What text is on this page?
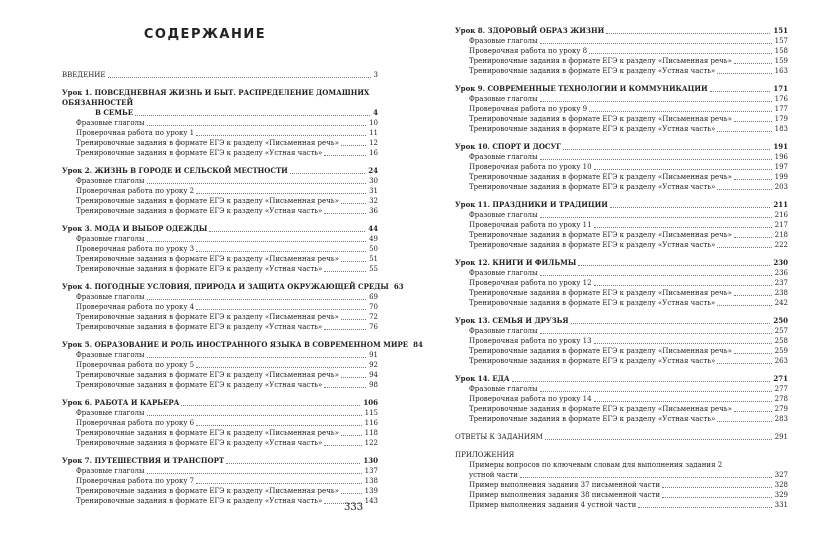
СОДЕРЖАНИЕ
ВВЕДЕНИЕ	3
Урок 1. ПОВСЕДНЕВНАЯ ЖИЗНЬ И БЫТ. РАСПРЕДЕЛЕНИЕ ДОМАШНИХ ОБЯЗАННОСТЕЙ
В СЕМЬЕ	4
Фразовые глаголы	10
Проверочная работа по уроку 1	11
Тренировочные задания в формате ЕГЭ к разделу «Письменная речь»	12
Тренировочные задания в формате ЕГЭ к разделу «Устная часть»	16
Урок 2. ЖИЗНЬ В ГОРОДЕ И СЕЛЬСКОЙ МЕСТНОСТИ	24
Фразовые глаголы	30
Проверочная работа по уроку 2	31
Тренировочные задания в формате ЕГЭ к разделу «Письменная речь»	32
Тренировочные задания в формате ЕГЭ к разделу «Устная часть»	36
Урок 3. МОДА И ВЫБОР ОДЕЖДЫ	44
Фразовые глаголы	49
Проверочная работа по уроку 3	50
Тренировочные задания в формате ЕГЭ к разделу «Письменная речь»	51
Тренировочные задания в формате ЕГЭ к разделу «Устная часть»	55
Урок 4. ПОГОДНЫЕ УСЛОВИЯ, ПРИРОДА И ЗАЩИТА ОКРУЖАЮЩЕЙ СРЕДЫ 63
Фразовые глаголы	69
Проверочная работа по уроку 4	70
Тренировочные задания в формате ЕГЭ к разделу «Письменная речь»	72
Тренировочные задания в формате ЕГЭ к разделу «Устная часть»	76
Урок 5. ОБРАЗОВАНИЕ И РОЛЬ ИНОСТРАННОГО ЯЗЫКА В СОВРЕМЕННОМ МИРЕ 84
Фразовые глаголы	91
Проверочная работа по уроку 5	92
Тренировочные задания в формате ЕГЭ к разделу «Письменная речь»	94
Тренировочные задания в формате ЕГЭ к разделу «Устная часть»	98
Урок 6. РАБОТА И КАРЬЕРА	106
Фразовые глаголы	115
Проверочная работа по уроку 6	116
Тренировочные задания в формате ЕГЭ к разделу «Письменная речь»	118
Тренировочные задания в формате ЕГЭ к разделу «Устная часть»	122
Урок 7. ПУТЕШЕСТВИЯ И ТРАНСПОРТ	130
Фразовые глаголы	137
Проверочная работа по уроку 7	138
Тренировочные задания в формате ЕГЭ к разделу «Письменная речь»	139
Тренировочные задания в формате ЕГЭ к разделу «Устная часть»	143
333
Урок 8. ЗДОРОВЫЙ ОБРАЗ ЖИЗНИ	151
Фразовые глаголы	157
Проверочная работа по уроку 8	158
Тренировочные задания в формате ЕГЭ к разделу «Письменная речь»	159
Тренировочные задания в формате ЕГЭ к разделу «Устная часть»	163
Урок 9. СОВРЕМЕННЫЕ ТЕХНОЛОГИИ И КОММУНИКАЦИИ	171
Фразовые глаголы	176
Проверочная работа по уроку 9	177
Тренировочные задания в формате ЕГЭ к разделу «Письменная речь»	179
Тренировочные задания в формате ЕГЭ к разделу «Устная часть»	183
Урок 10. СПОРТ И ДОСУГ	191
Фразовые глаголы	196
Проверочная работа по уроку 10	197
Тренировочные задания в формате ЕГЭ к разделу «Письменная речь»	199
Тренировочные задания в формате ЕГЭ к разделу «Устная часть»	203
Урок 11. ПРАЗДНИКИ И ТРАДИЦИИ	211
Фразовые глаголы	216
Проверочная работа по уроку 11	217
Тренировочные задания в формате ЕГЭ к разделу «Письменная речь»	218
Тренировочные задания в формате ЕГЭ к разделу «Устная часть»	222
Урок 12. КНИГИ И ФИЛЬМЫ	230
Фразовые глаголы	236
Проверочная работа по уроку 12	237
Тренировочные задания в формате ЕГЭ к разделу «Письменная речь»	238
Тренировочные задания в формате ЕГЭ к разделу «Устная часть»	242
Урок 13. СЕМЬЯ И ДРУЗЬЯ	250
Фразовые глаголы	257
Проверочная работа по уроку 13	258
Тренировочные задания в формате ЕГЭ к разделу «Письменная речь»	259
Тренировочные задания в формате ЕГЭ к разделу «Устная часть»	263
Урок 14. ЕДА	271
Фразовые глаголы	277
Проверочная работа по уроку 14	278
Тренировочные задания в формате ЕГЭ к разделу «Письменная речь»	279
Тренировочные задания в формате ЕГЭ к разделу «Устная часть»	283
ОТВЕТЫ К ЗАДАНИЯМ	291
ПРИЛОЖЕНИЯ
Примеры вопросов по ключевым словам для выполнения задания 2
устной части	327
Пример выполнения задания 37 письменной части	328
Пример выполнения задания 38 письменной части	329
Пример выполнения задания 4 устной части	331
